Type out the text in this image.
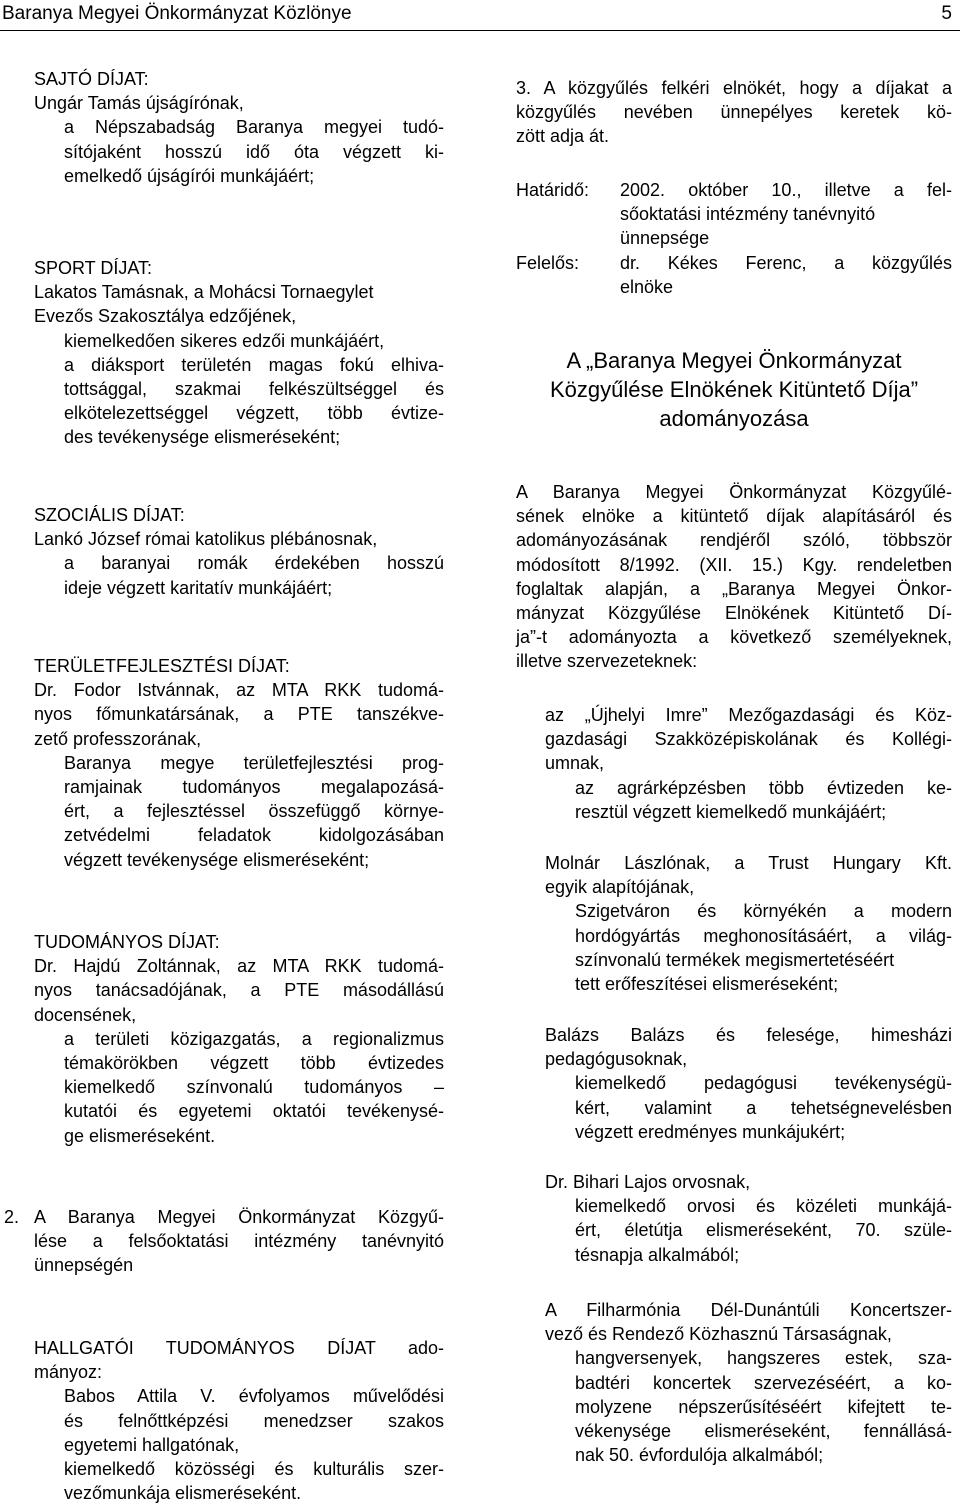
Baranya Megyei Önkormányzat Közlönye	5

SAJTÓ DÍJAT:

Ungár Tamás újságírónak,

a Népszabadság Baranya megyei tudó-

sítójaként hosszú idő óta végzett ki-

emelkedő újságírói munkájáért;

SPORT DÍJAT:

Lakatos Tamásnak, a Mohácsi Tornaegylet

Evezős Szakosztálya edzőjének,

kiemelkedően sikeres edzői munkájáért,

a diáksport területén magas fokú elhiva-

tottsággal, szakmai felkészültséggel és

elkötelezettséggel végzett, több évtize-

des tevékenysége elismeréseként;

SZOCIÁLIS DÍJAT:

Lankó József római katolikus plébánosnak,

a baranyai romák érdekében hosszú

ideje végzett karitatív munkájáért;

TERÜLETFEJLESZTÉSI DÍJAT:

Dr. Fodor Istvánnak, az MTA RKK tudomá-

nyos főmunkatársának, a PTE tanszékve-

zető professzorának,

Baranya megye területfejlesztési prog-

ramjainak tudományos megalapozásá-

ért, a fejlesztéssel összefüggő környe-

zetvédelmi feladatok kidolgozásában

végzett tevékenysége elismeréseként;

TUDOMÁNYOS DÍJAT:

Dr. Hajdú Zoltánnak, az MTA RKK tudomá-

nyos tanácsadójának, a PTE másodállású

docensének,

a területi közigazgatás, a regionalizmus

témakörökben végzett több évtizedes

kiemelkedő színvonalú tudományos –

kutatói és egyetemi oktatói tevékenysé-

ge elismeréseként.

2. A Baranya Megyei Önkormányzat Közgyű-

lése a felsőoktatási intézmény tanévnyitó

ünnepségén

HALLGATÓI TUDOMÁNYOS DÍJAT ado-

mányoz:

Babos Attila V. évfolyamos művelődési

és felnőttképzési menedzser szakos

egyetemi hallgatónak,

kiemelkedő közösségi és kulturális szer-

vezőmunkája elismeréseként.

3. A közgyűlés felkéri elnökét, hogy a díjakat a

közgyűlés nevében ünnepélyes keretek kö-

zött adja át.

Határidő: 2002. október 10., illetve a fel-

sőoktatási intézmény tanévnyitó

ünnepsége

Felelős: dr. Kékes Ferenc, a közgyűlés

elnöke

A „Baranya Megyei Önkormányzat

Közgyűlése Elnökének Kitüntető Díja”

adományozása

A Baranya Megyei Önkormányzat Közgyűlé-

sének elnöke a kitüntető díjak alapításáról és

adományozásának rendjéről szóló, többször

módosított 8/1992. (XII. 15.) Kgy. rendeletben

foglaltak alapján, a „Baranya Megyei Önkor-

mányzat Közgyűlése Elnökének Kitüntető Dí-

ja”-t adományozta a következő személyeknek,

illetve szervezeteknek:

az „Újhelyi Imre” Mezőgazdasági és Köz-

gazdasági Szakközépiskolának és Kollégi-

umnak,

az agrárképzésben több évtizeden ke-

resztül végzett kiemelkedő munkájáért;

Molnár Lászlónak, a Trust Hungary Kft.

egyik alapítójának,

Szigetváron és környékén a modern

hordógyártás meghonosításáért, a világ-

színvonalú termékek megismertetéséért

tett erőfeszítései elismeréseként;

Balázs Balázs és felesége, himesházi

pedagógusoknak,

kiemelkedő pedagógusi tevékenységü-

kért, valamint a tehetségnevelésben

végzett eredményes munkájukért;

Dr. Bihari Lajos orvosnak,

kiemelkedő orvosi és közéleti munkájá-

ért, életútja elismeréseként, 70. szüle-

tésnapja alkalmából;

A Filharmónia Dél-Dunántúli Koncertszer-

vező és Rendező Közhasznú Társaságnak,

hangversenyek, hangszeres estek, sza-

badtéri koncertek szervezéséért, a ko-

molyzene népszerűsítéséért kifejtett te-

vékenysége elismeréseként, fennállásá-

nak 50. évfordulója alkalmából;
